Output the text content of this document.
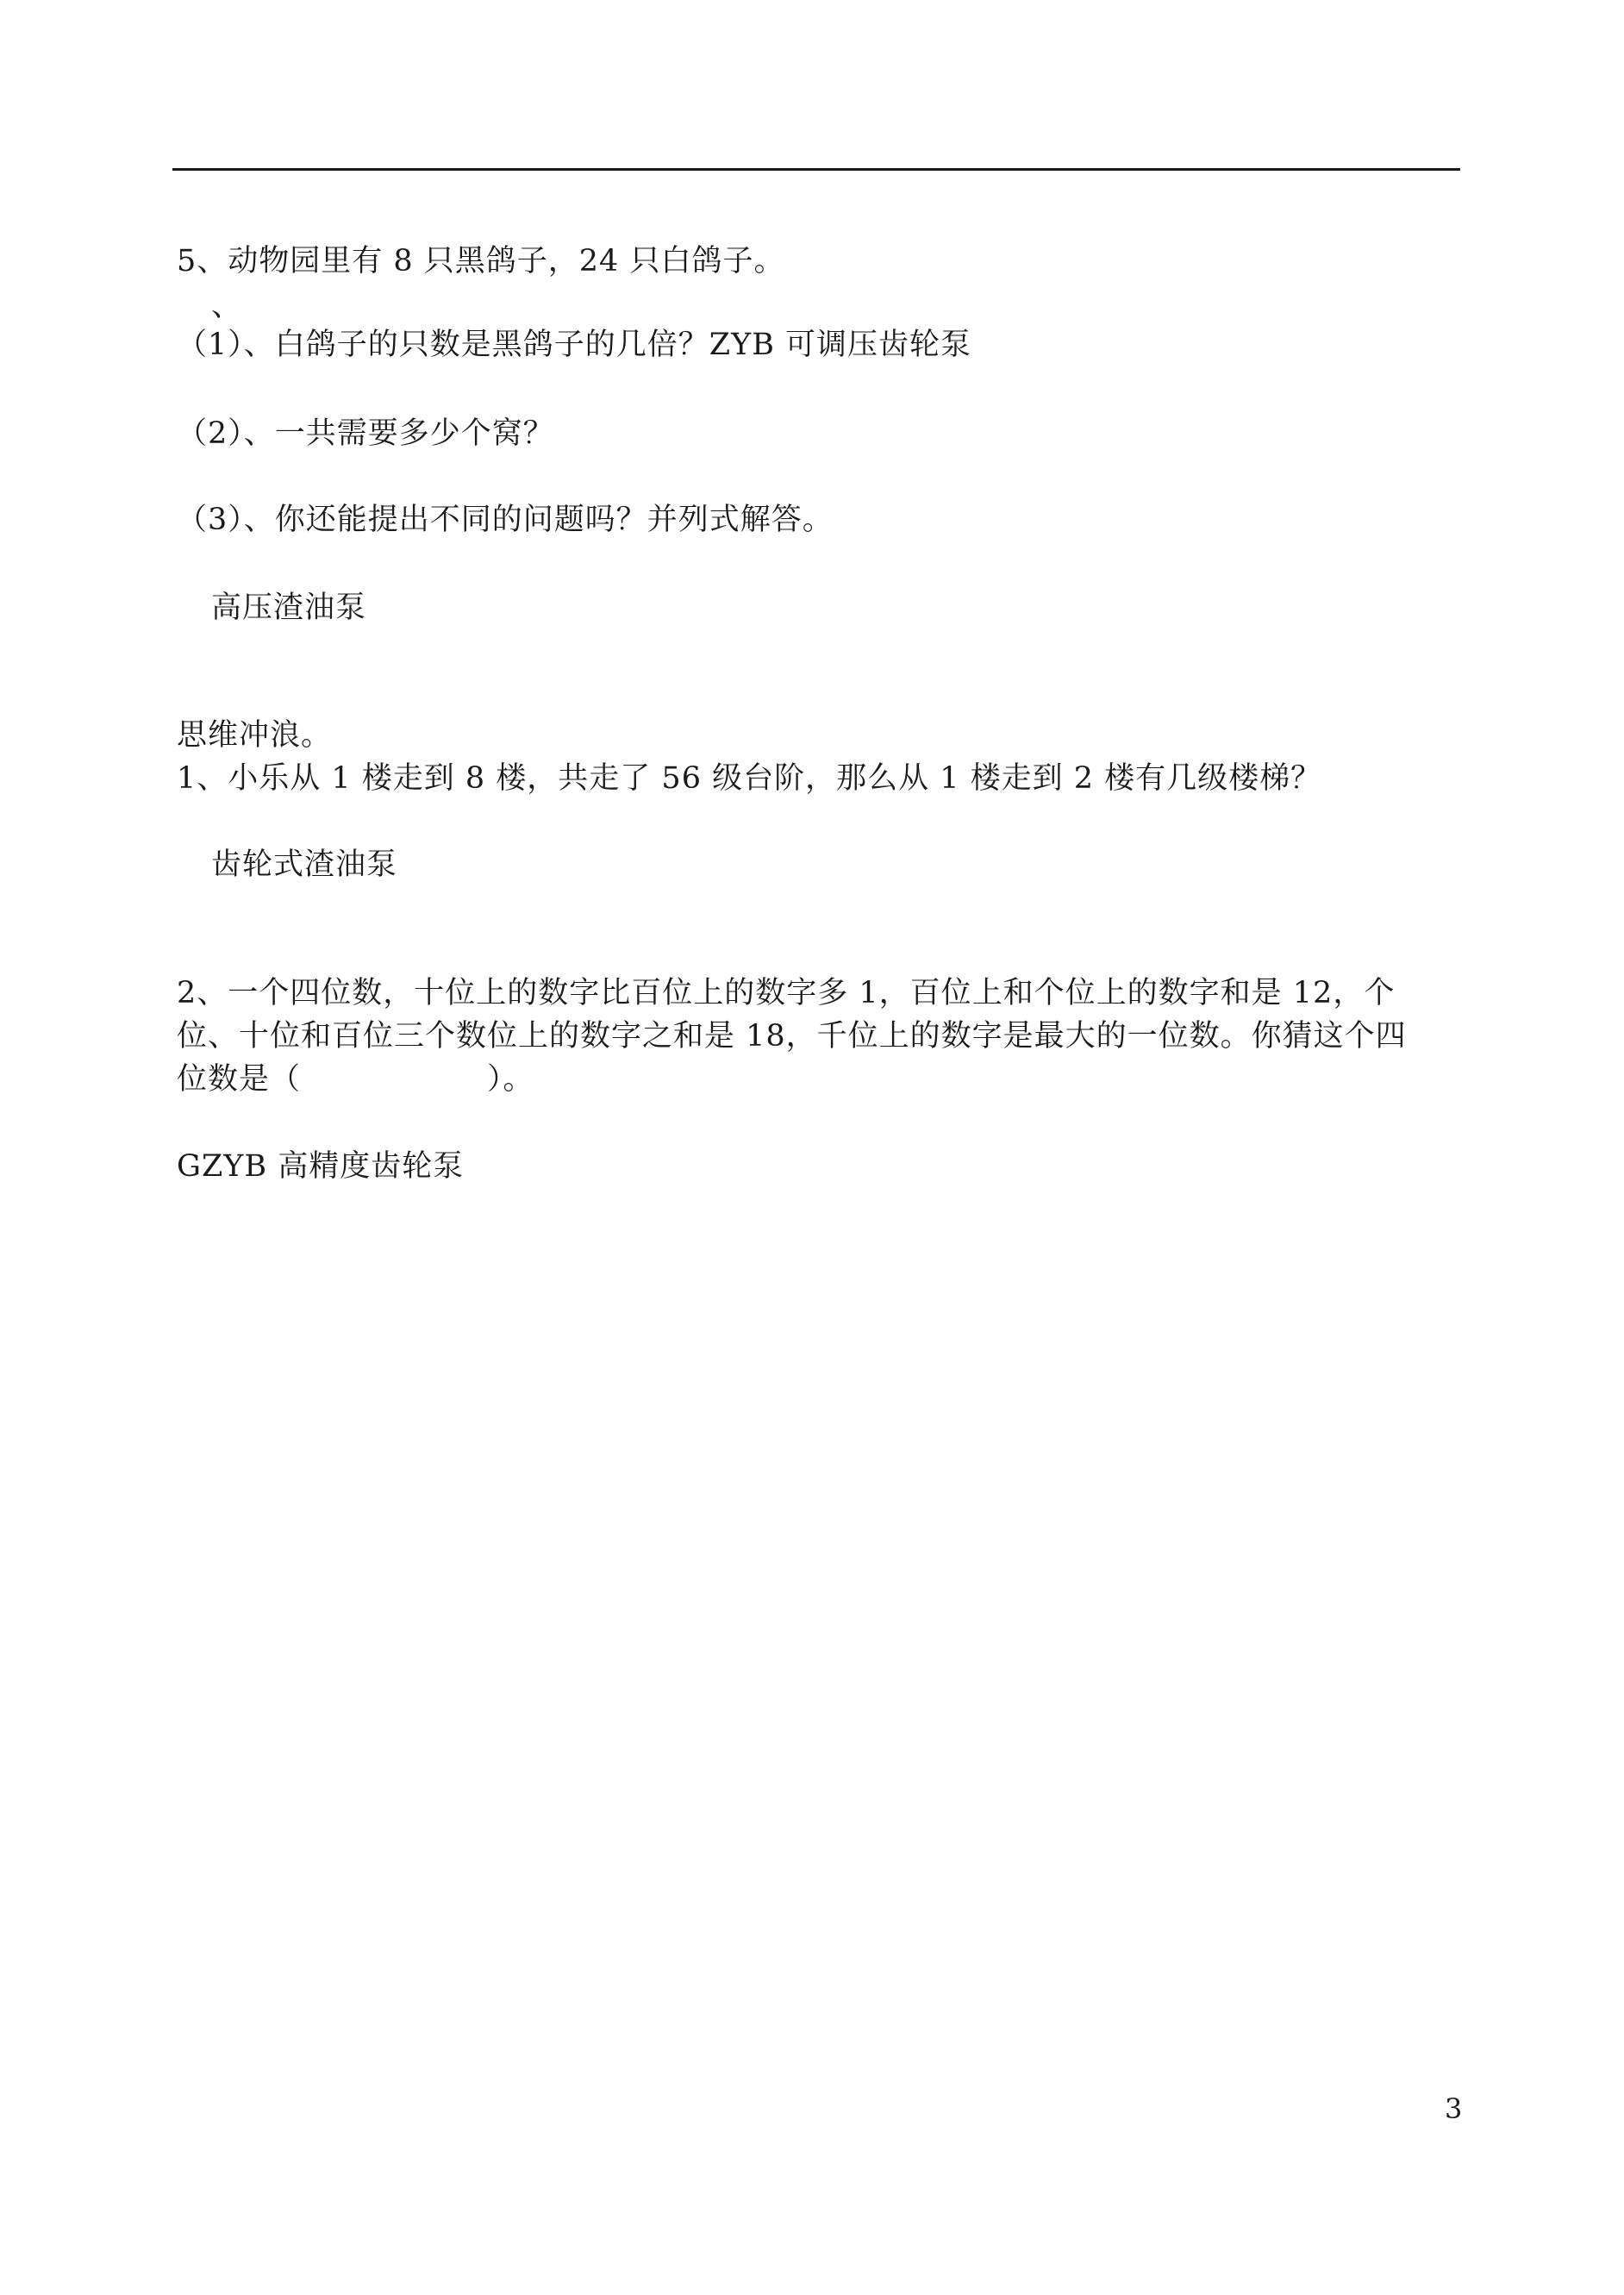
5、动物园里有 8 只黑鸽子，24 只白鸽子。
、
（1）、白鸽子的只数是黑鸽子的几倍？ZYB 可调压齿轮泵
（2）、一共需要多少个窝？
（3）、你还能提出不同的问题吗？并列式解答。
高压渣油泵
思维冲浪。
1、小乐从 1 楼走到 8 楼，共走了 56 级台阶，那么从 1 楼走到 2 楼有几级楼梯？
齿轮式渣油泵
2、一个四位数，十位上的数字比百位上的数字多 1，百位上和个位上的数字和是 12，个
位、十位和百位三个数位上的数字之和是 18，千位上的数字是最大的一位数。你猜这个四
位数是（　　　　　　）。
GZYB 高精度齿轮泵
3
